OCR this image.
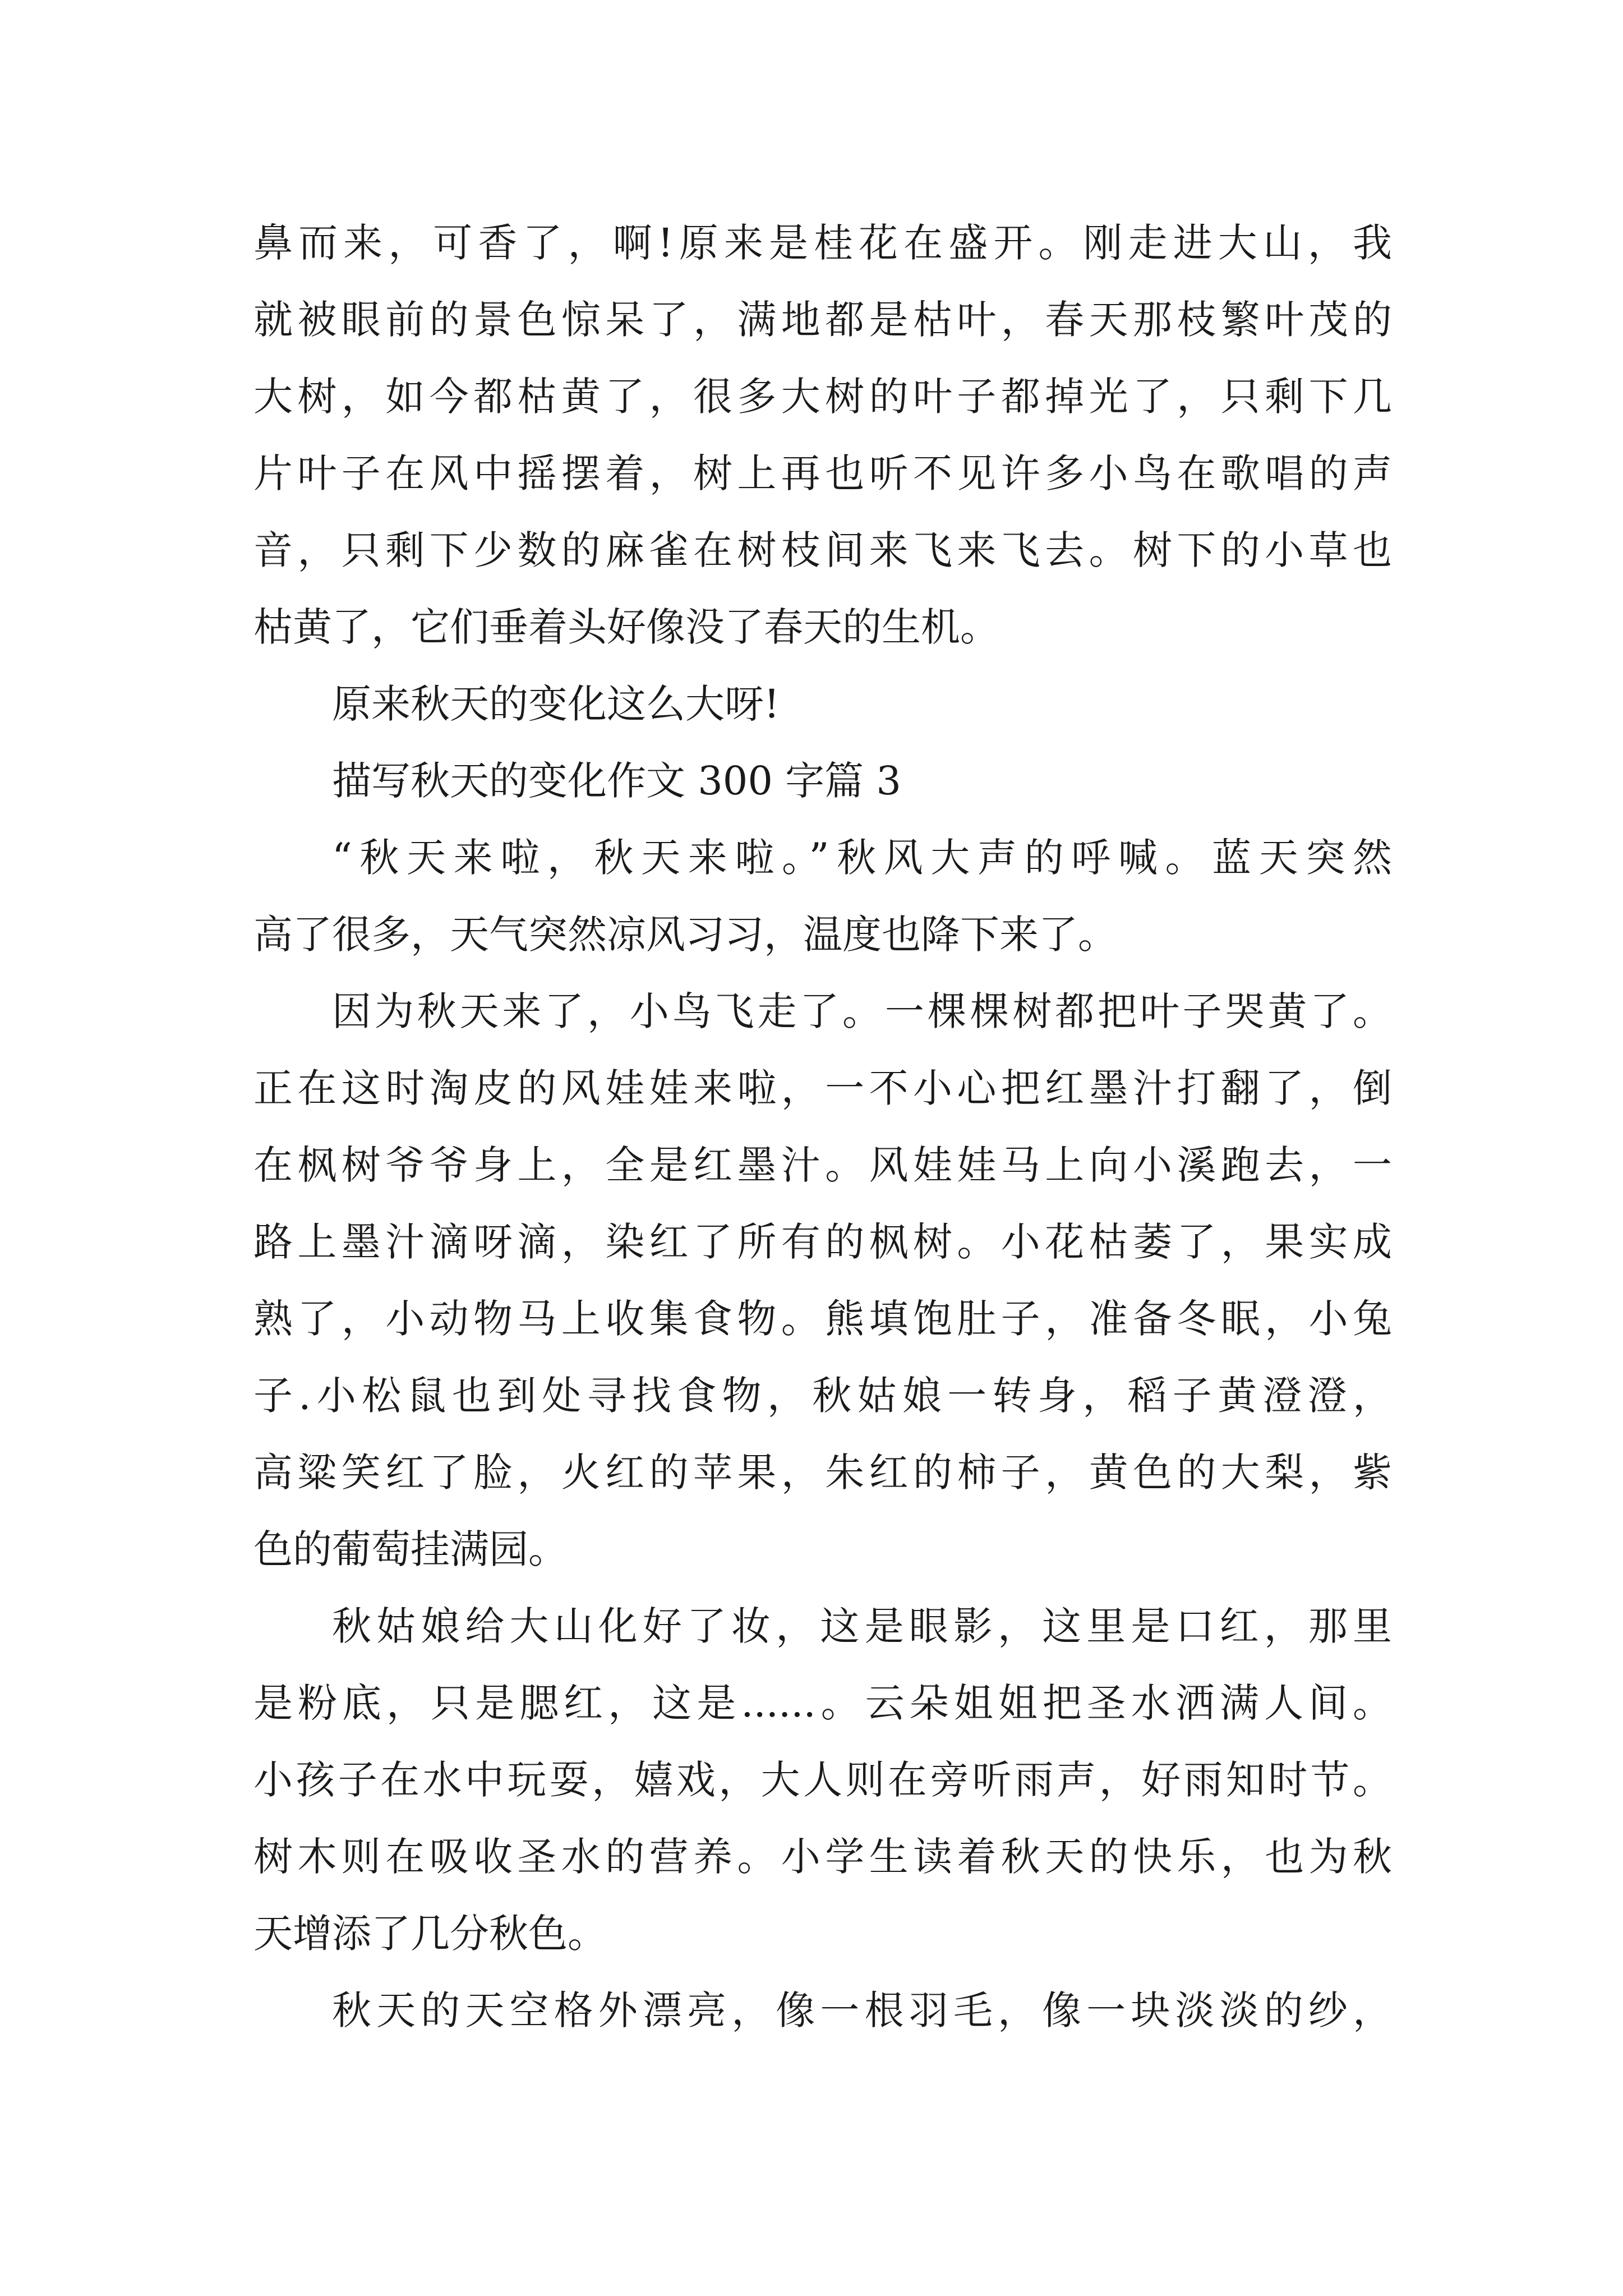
鼻而来，可香了，啊!原来是桂花在盛开。刚走进大山，我
就被眼前的景色惊呆了，满地都是枯叶，春天那枝繁叶茂的
大树，如今都枯黄了，很多大树的叶子都掉光了，只剩下几
片叶子在风中摇摆着，树上再也听不见许多小鸟在歌唱的声
音，只剩下少数的麻雀在树枝间来飞来飞去。树下的小草也
枯黄了，它们垂着头好像没了春天的生机。
原来秋天的变化这么大呀!
描写秋天的变化作文 300 字篇 3
“秋天来啦，秋天来啦。”秋风大声的呼喊。蓝天突然
高了很多，天气突然凉风习习，温度也降下来了。
因为秋天来了，小鸟飞走了。一棵棵树都把叶子哭黄了。
正在这时淘皮的风娃娃来啦，一不小心把红墨汁打翻了，倒
在枫树爷爷身上，全是红墨汁。风娃娃马上向小溪跑去，一
路上墨汁滴呀滴，染红了所有的枫树。小花枯萎了，果实成
熟了，小动物马上收集食物。熊填饱肚子，准备冬眠，小兔
子.小松鼠也到处寻找食物，秋姑娘一转身，稻子黄澄澄，
高粱笑红了脸，火红的苹果，朱红的柿子，黄色的大梨，紫
色的葡萄挂满园。
秋姑娘给大山化好了妆，这是眼影，这里是口红，那里
是粉底，只是腮红，这是......。云朵姐姐把圣水洒满人间。
小孩子在水中玩耍，嬉戏，大人则在旁听雨声，好雨知时节。
树木则在吸收圣水的营养。小学生读着秋天的快乐，也为秋
天增添了几分秋色。
秋天的天空格外漂亮，像一根羽毛，像一块淡淡的纱，
